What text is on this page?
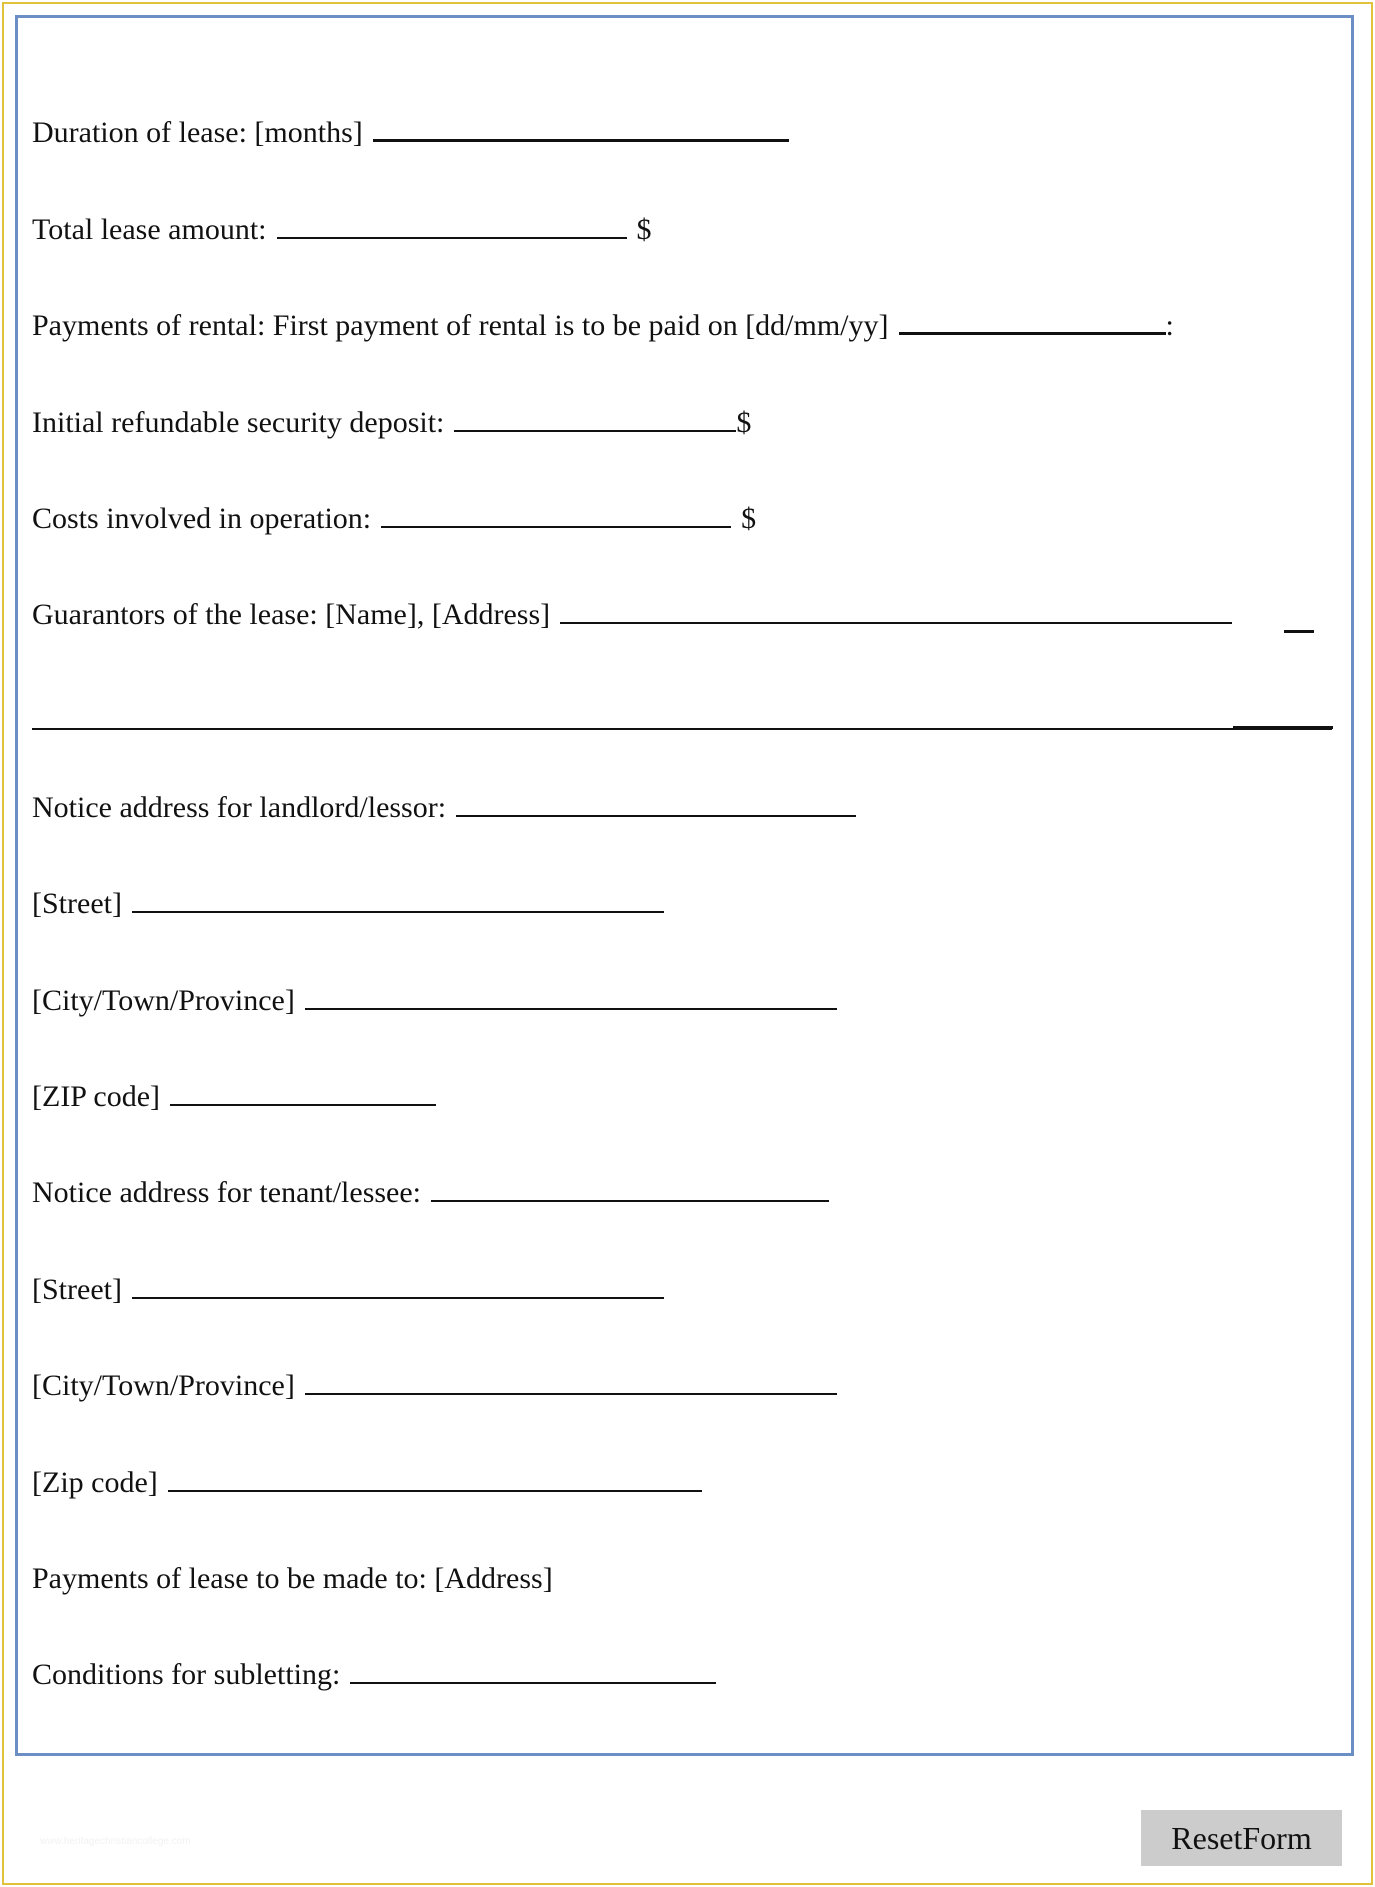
Duration of lease: [months]
Total lease amount:	$
Payments of rental: First payment of rental is to be paid on [dd/mm/yy]	:
Initial refundable security deposit:	$
Costs involved in operation:	$
Guarantors of the lease: [Name], [Address]
Notice address for landlord/lessor:
[Street]
[City/Town/Province]
[ZIP code]
Notice address for tenant/lessee:
[Street]
[City/Town/Province]
[Zip code]
Payments of lease to be made to: [Address]
Conditions for subletting:
www.heritagechristiancollege.com	ResetForm
